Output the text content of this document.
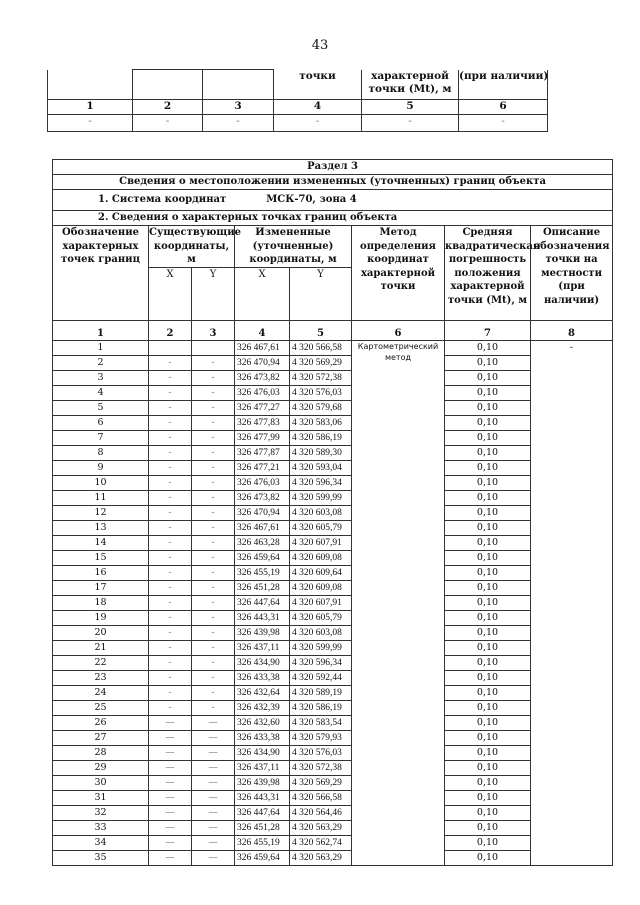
43
			точки	характерной точки (Mt), м	(при наличии)
1	2	3	4	5	6
-	-	-	-	-	-
Раздел 3							
Сведения о местоположении измененных (уточненных) границ объекта							
1. Система координат МСК-70, зона 4							
2. Сведения о характерных точках границ объекта							
Обозначение характерных точек границ	Существующие координаты, м		Измененные (уточненные) координаты, м		Метод определения координат характерной точки	Средняя квадратическая погрешность положения характерной точки (Mt), м	Описание обозначения точки на местности (при наличии)
	X	Y	X	Y			
1	2	3	4	5	6	7	8
1			326 467,61	4 320 566,58	Картометрический метод	0,10	-
2	-	-	326 470,94	4 320 569,29		0,10	
3	-	-	326 473,82	4 320 572,38		0,10	
4	-	-	326 476,03	4 320 576,03		0,10	
5	-	-	326 477,27	4 320 579,68		0,10	
6	-	-	326 477,83	4 320 583,06		0,10	
7	-	-	326 477,99	4 320 586,19		0,10	
8	-	-	326 477,87	4 320 589,30		0,10	
9	-	-	326 477,21	4 320 593,04		0,10	
10	-	-	326 476,03	4 320 596,34		0,10	
11	-	-	326 473,82	4 320 599,99		0,10	
12	-	-	326 470,94	4 320 603,08		0,10	
13	-	-	326 467,61	4 320 605,79		0,10	
14	-	-	326 463,28	4 320 607,91		0,10	
15	-	-	326 459,64	4 320 609,08		0,10	
16	-	-	326 455,19	4 320 609,64		0,10	
17	-	-	326 451,28	4 320 609,08		0,10	
18	-	-	326 447,64	4 320 607,91		0,10	
19	-	-	326 443,31	4 320 605,79		0,10	
20	-	-	326 439,98	4 320 603,08		0,10	
21	-	-	326 437,11	4 320 599,99		0,10	
22	-	-	326 434,90	4 320 596,34		0,10	
23	-	-	326 433,38	4 320 592,44		0,10	
24	-	-	326 432,64	4 320 589,19		0,10	
25	-	-	326 432,39	4 320 586,19		0,10	
26	—	—	326 432,60	4 320 583,54		0,10	
27	—	—	326 433,38	4 320 579,93		0,10	
28	—	—	326 434,90	4 320 576,03		0,10	
29	—	—	326 437,11	4 320 572,38		0,10	
30	—	—	326 439,98	4 320 569,29		0,10	
31	—	—	326 443,31	4 320 566,58		0,10	
32	—	—	326 447,64	4 320 564,46		0,10	
33	—	—	326 451,28	4 320 563,29		0,10	
34	—	—	326 455,19	4 320 562,74		0,10	
35	—	—	326 459,64	4 320 563,29		0,10	
